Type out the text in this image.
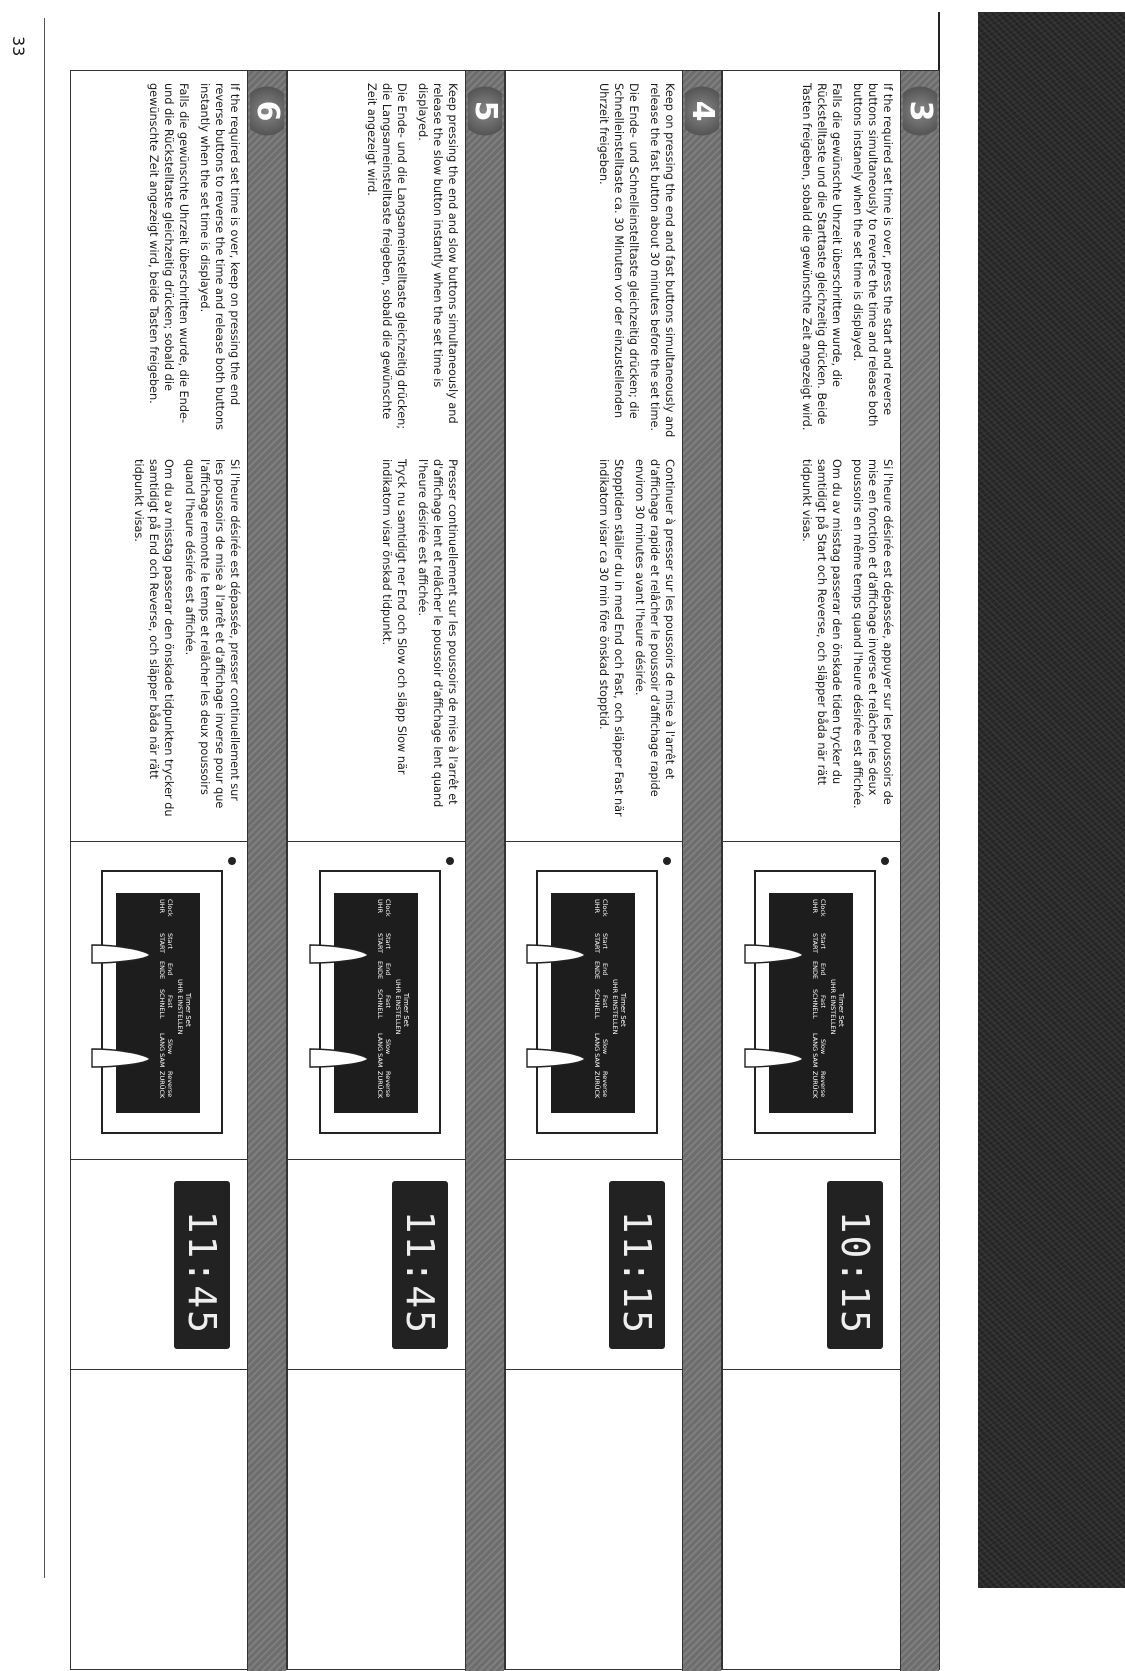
33
3

If the required set time is over, press the start and reverse buttons simultaneously to reverse the time and release both buttons instanely when the set time is displayed.

Falls die gewünschte Uhrzeit überschritten wurde, die Rückstelltaste und die Starttaste gleichzeitig drücken. Beide Tasten freigeben, sobald die gewünschte Zeit angezeigt wird.

Si l'heure désirée est dépassée, appuyer sur les poussoirs de mise en fonction et d'affichage inverse et relâcher les deux poussoirs en même temps quand l'heure désirée est affichée.

Om du av misstag passerar den önskade tiden trycker du samtidigt på Start och Reverse, och släpper båda när rätt tidpunkt visas.

Timer Set
UHR EINSTELLEN
Clock
UHR
Start
START
End
ENDE
Fast
SCHNELL
Slow
LANG SAM
Reverse
ZURÜCK
10:15
4

Keep on pressing the end and fast buttons simultaneously and release the fast button about 30 minutes before the set time.

Die Ende- und Schnelleinstelltaste gleichzeitig drücken; die Schnelleinstelltaste ca. 30 Minuten vor der einzustellenden Uhrzeit freigeben.

Continuer à presser sur les poussoirs de mise à l'arrêt et d'affichage rapide et relâcher le poussoir d'affichage rapide environ 30 minutes avant l'heure désirée.

Stopptiden ställer du in med End och Fast, och släpper Fast när indikatorn visar ca 30 min före önskad stopptid.

Timer Set
UHR EINSTELLEN
Clock
UHR
Start
START
End
ENDE
Fast
SCHNELL
Slow
LANG SAM
Reverse
ZURÜCK
11:15
5

Keep pressing the end and slow buttons simultaneously and release the slow button instantly when the set time is displayed.

Die Ende- und die Langsameinstelltaste gleichzeitig drücken; die Langsameinstelltaste freigeben, sobald die gewünschte Zeit angezeigt wird.

Presser continuellement sur les poussoirs de mise à l'arrêt et d'affichage lent et relâcher le poussoir d'affichage lent quand l'heure désirée est affichée.

Tryck nu samtidigt ner End och Slow och släpp Slow när indikatorn visar önskad tidpunkt.

Timer Set
UHR EINSTELLEN
Clock
UHR
Start
START
End
ENDE
Fast
SCHNELL
Slow
LANG SAM
Reverse
ZURÜCK
11:45
6

If the required set time is over, keep on pressing the end reverse buttons to reverse the time and release both buttons instantly when the set time is displayed.

Falls die gewünschte Uhrzeit überschritten wurde, die Ende- und die Rückstelltaste gleichzeitig drücken; sobald die gewünschte Zeit angezeigt wird, beide Tasten freigeben.

Si l'heure désirée est dépassée, presser continuellement sur les poussoirs de mise à l'arrêt et d'affichage inverse pour que l'affichage remonte le temps et relâcher les deux poussoirs quand l'heure désirée est affichée.

Om du av misstag passerar den önskade tidpunkten trycker du samtidigt på End och Reverse, och släpper båda när rätt tidpunkt visas.

Timer Set
UHR EINSTELLEN
Clock
UHR
Start
START
End
ENDE
Fast
SCHNELL
Slow
LANG SAM
Reverse
ZURÜCK
11:45
